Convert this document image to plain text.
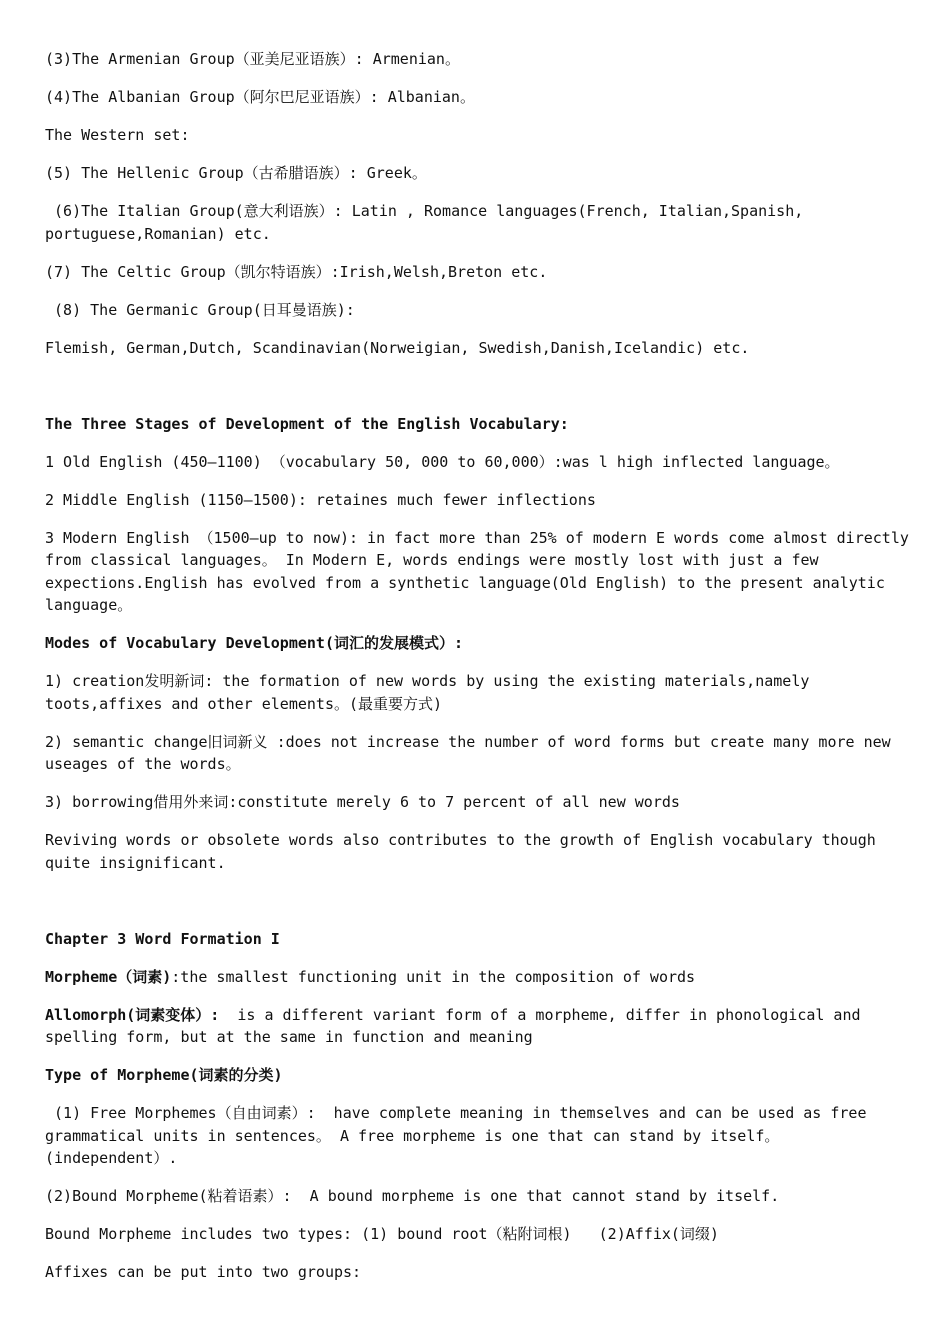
(3)The Armenian Group（亚美尼亚语族）: Armenian。

(4)The Albanian Group（阿尔巴尼亚语族）: Albanian。

The Western set:

(5) The Hellenic Group（古希腊语族）: Greek。

(6)The Italian Group(意大利语族）: Latin , Romance languages(French, Italian,Spanish, portuguese,Romanian) etc.

(7) The Celtic Group（凯尔特语族）:Irish,Welsh,Breton etc.

(8) The Germanic Group(日耳曼语族):

Flemish, German,Dutch, Scandinavian(Norweigian, Swedish,Danish,Icelandic) etc.

The Three Stages of Development of the English Vocabulary:

1 Old English (450—1100) （vocabulary 50, 000 to 60,000）:was l high inflected language。

2 Middle English (1150—1500): retaines much fewer inflections

3 Modern English （1500—up to now): in fact more than 25% of modern E words come almost directly from classical languages。 In Modern E, words endings were mostly lost with just a few expections.English has evolved from a synthetic language(Old English) to the present analytic language。

Modes of Vocabulary Development(词汇的发展模式）:

1) creation发明新词: the formation of new words by using the existing materials,namely toots,affixes and other elements。(最重要方式)

2) semantic change旧词新义 :does not increase the number of word forms but create many more new useages of the words。

3) borrowing借用外来词:constitute merely 6 to 7 percent of all new words

Reviving words or obsolete words also contributes to the growth of English vocabulary though quite insignificant.

Chapter 3 Word Formation I

Morpheme（词素):the smallest functioning unit in the composition of words

Allomorph(词素变体）:  is a different variant form of a morpheme, differ in phonological and spelling form, but at the same in function and meaning

Type of Morpheme(词素的分类)

(1) Free Morphemes（自由词素）:  have complete meaning in themselves and can be used as free grammatical units in sentences。 A free morpheme is one that can stand by itself。(independent）.

(2)Bound Morpheme(粘着语素）:  A bound morpheme is one that cannot stand by itself.

Bound Morpheme includes two types: (1) bound root（粘附词根)   (2)Affix(词缀)

Affixes can be put into two groups:
